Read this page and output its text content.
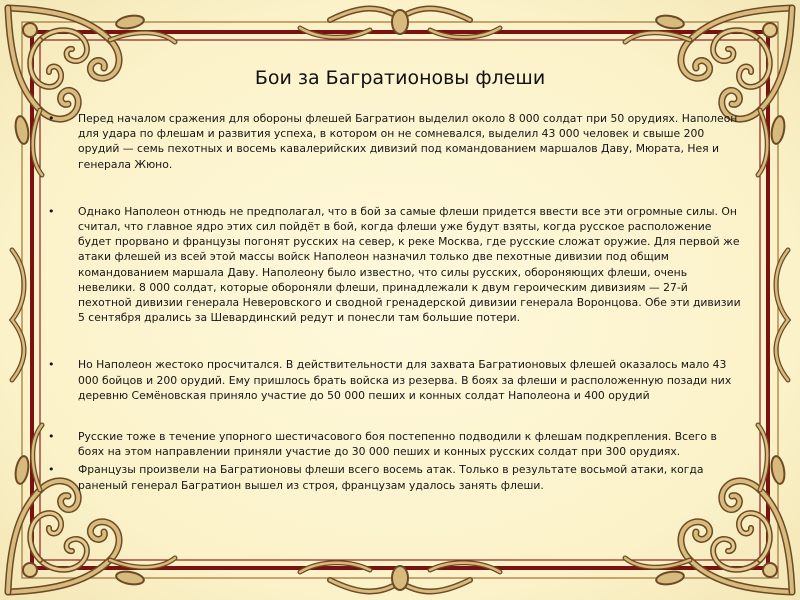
Бои за Багратионовы флеши
• Перед началом сражения для обороны флешей Багратион выделил около 8 000 солдат при 50 орудиях. Наполеон для удара по флешам и развития успеха, в котором он не сомневался, выделил 43 000 человек и свыше 200 орудий — семь пехотных и восемь кавалерийских дивизий под командованием маршалов Даву, Мюрата, Нея и генерала Жюно.
• Однако Наполеон отнюдь не предполагал, что в бой за самые флеши придется ввести все эти огромные силы. Он считал, что главное ядро этих сил пойдёт в бой, когда флеши уже будут взяты, когда русское расположение будет прорвано и французы погонят русских на север, к реке Москва, где русские сложат оружие. Для первой же атаки флешей из всей этой массы войск Наполеон назначил только две пехотные дивизии под общим командованием маршала Даву. Наполеону было известно, что силы русских, обороняющих флеши, очень невелики. 8 000 солдат, которые обороняли флеши, принадлежали к двум героическим дивизиям — 27-й пехотной дивизии генерала Неверовского и сводной гренадерской дивизии генерала Воронцова. Обе эти дивизии 5 сентября дрались за Шевардинский редут и понесли там большие потери.
• Но Наполеон жестоко просчитался. В действительности для захвата Багратионовых флешей оказалось мало 43 000 бойцов и 200 орудий. Ему пришлось брать войска из резерва. В боях за флеши и расположенную позади них деревню Семёновская приняло участие до 50 000 пеших и конных солдат Наполеона и 400 орудий
• Русские тоже в течение упорного шестичасового боя постепенно подводили к флешам подкрепления. Всего в боях на этом направлении приняли участие до 30 000 пеших и конных русских солдат при 300 орудиях.
• Французы произвели на Багратионовы флеши всего восемь атак. Только в результате восьмой атаки, когда раненый генерал Багратион вышел из строя, французам удалось занять флеши.
